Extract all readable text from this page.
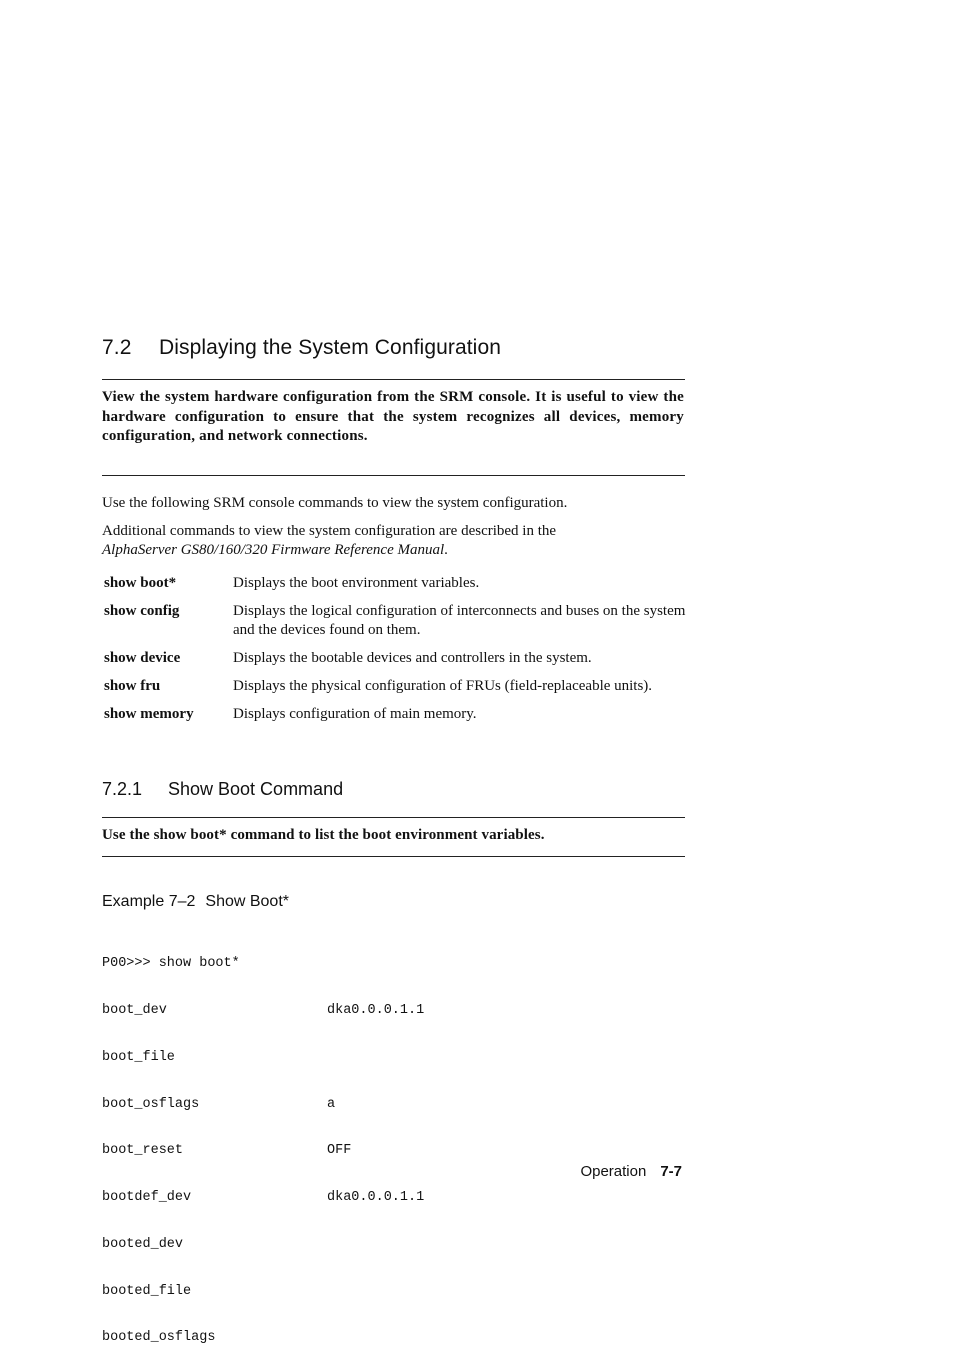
7.2 Displaying the System Configuration
View the system hardware configuration from the SRM console. It is useful to view the hardware configuration to ensure that the system recognizes all devices, memory configuration, and network connections.
Use the following SRM console commands to view the system configuration.
Additional commands to view the system configuration are described in the
AlphaServer GS80/160/320 Firmware Reference Manual.
show boot*	Displays the boot environment variables.
show config	Displays the logical configuration of interconnects and buses on the system and the devices found on them.
show device	Displays the bootable devices and controllers in the system.
show fru	Displays the physical configuration of FRUs (field-replaceable units).
show memory	Displays configuration of main memory.
7.2.1 Show Boot Command
Use the show boot* command to list the boot environment variables.
Example 7–2 Show Boot*

P00>>> show boot*

boot_dev	dka0.0.0.1.1

boot_file

boot_osflags	a

boot_reset	OFF

bootdef_dev	dka0.0.0.1.1

booted_dev

booted_file

booted_osflags

Operation 7-7
